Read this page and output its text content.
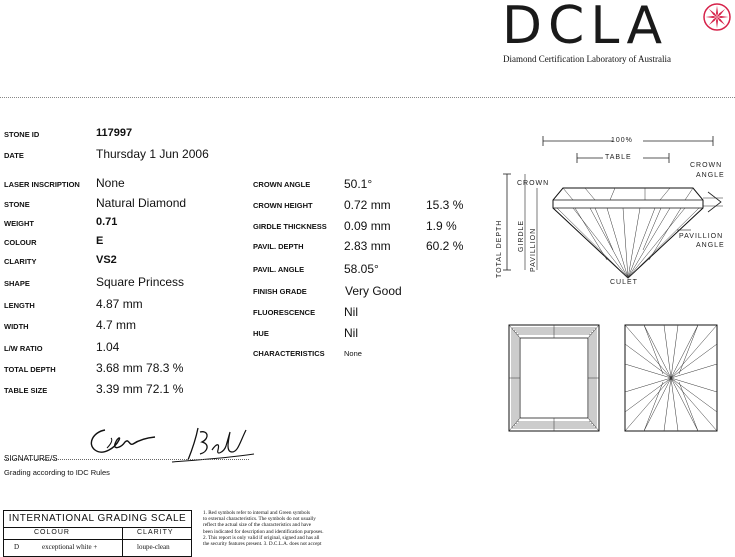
DCLA
Diamond Certification Laboratory of Australia
STONE ID	117997
DATE	Thursday 1 Jun 2006
LASER INSCRIPTION None
STONE	Natural Diamond
WEIGHT	0.71
COLOUR	E
CLARITY	VS2
SHAPE	Square Princess
LENGTH	4.87 mm
WIDTH	4.7 mm
L/W RATIO	1.04
TOTAL DEPTH	3.68 mm 78.3 %
TABLE SIZE	3.39 mm 72.1 %
CROWN ANGLE	50.1°
CROWN HEIGHT	0.72 mm	15.3 %
GIRDLE THICKNESS 0.09 mm	1.9 %
PAVIL. DEPTH	2.83 mm	60.2 %
PAVIL. ANGLE	58.05°
FINISH GRADE	Very Good
FLUORESCENCE Nil
HUE	Nil
CHARACTERISTICS	None
100%
TABLE
CROWN
CROWN
ANGLE
PAVILLION
ANGLE
CULET
TOTAL DEPTH GIRDLE PAVILLION
SIGNATURE/S
Grading according to IDC Rules
INTERNATIONAL GRADING SCALE
COLOUR	CLARITY
D	exceptional white +	loupe-clean
1. Red symbols refer to internal and Green symbols
to external characteristics. The symbols do not usually
reflect the actual size of the characteristics and have
been indicated for description and identification purposes.
2. This report is only valid if original, signed and has all
the security features present. 3. D.C.L.A. does not accept
